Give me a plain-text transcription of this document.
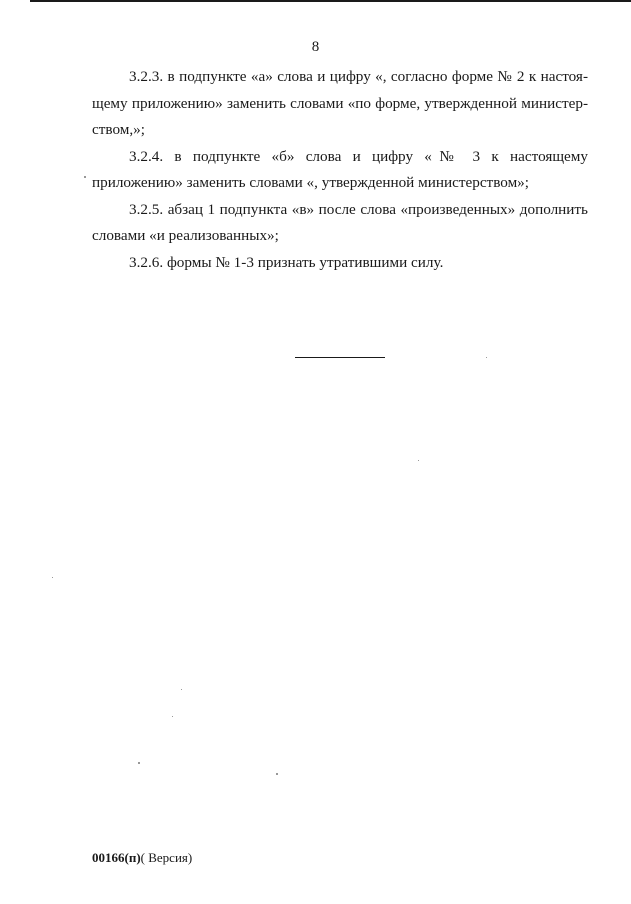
8

3.2.3. в подпункте «а» слова и цифру «, согласно форме № 2 к настоящему приложению» заменить словами «по форме, утвержденной министерством,»;

3.2.4. в подпункте «б» слова и цифру «№ 3 к настоящему приложению» заменить словами «, утвержденной министерством»;

3.2.5. абзац 1 подпункта «в» после слова «произведенных» дополнить словами «и реализованных»;

3.2.6. формы № 1-3 признать утратившими силу.

00166(п)( Версия)
